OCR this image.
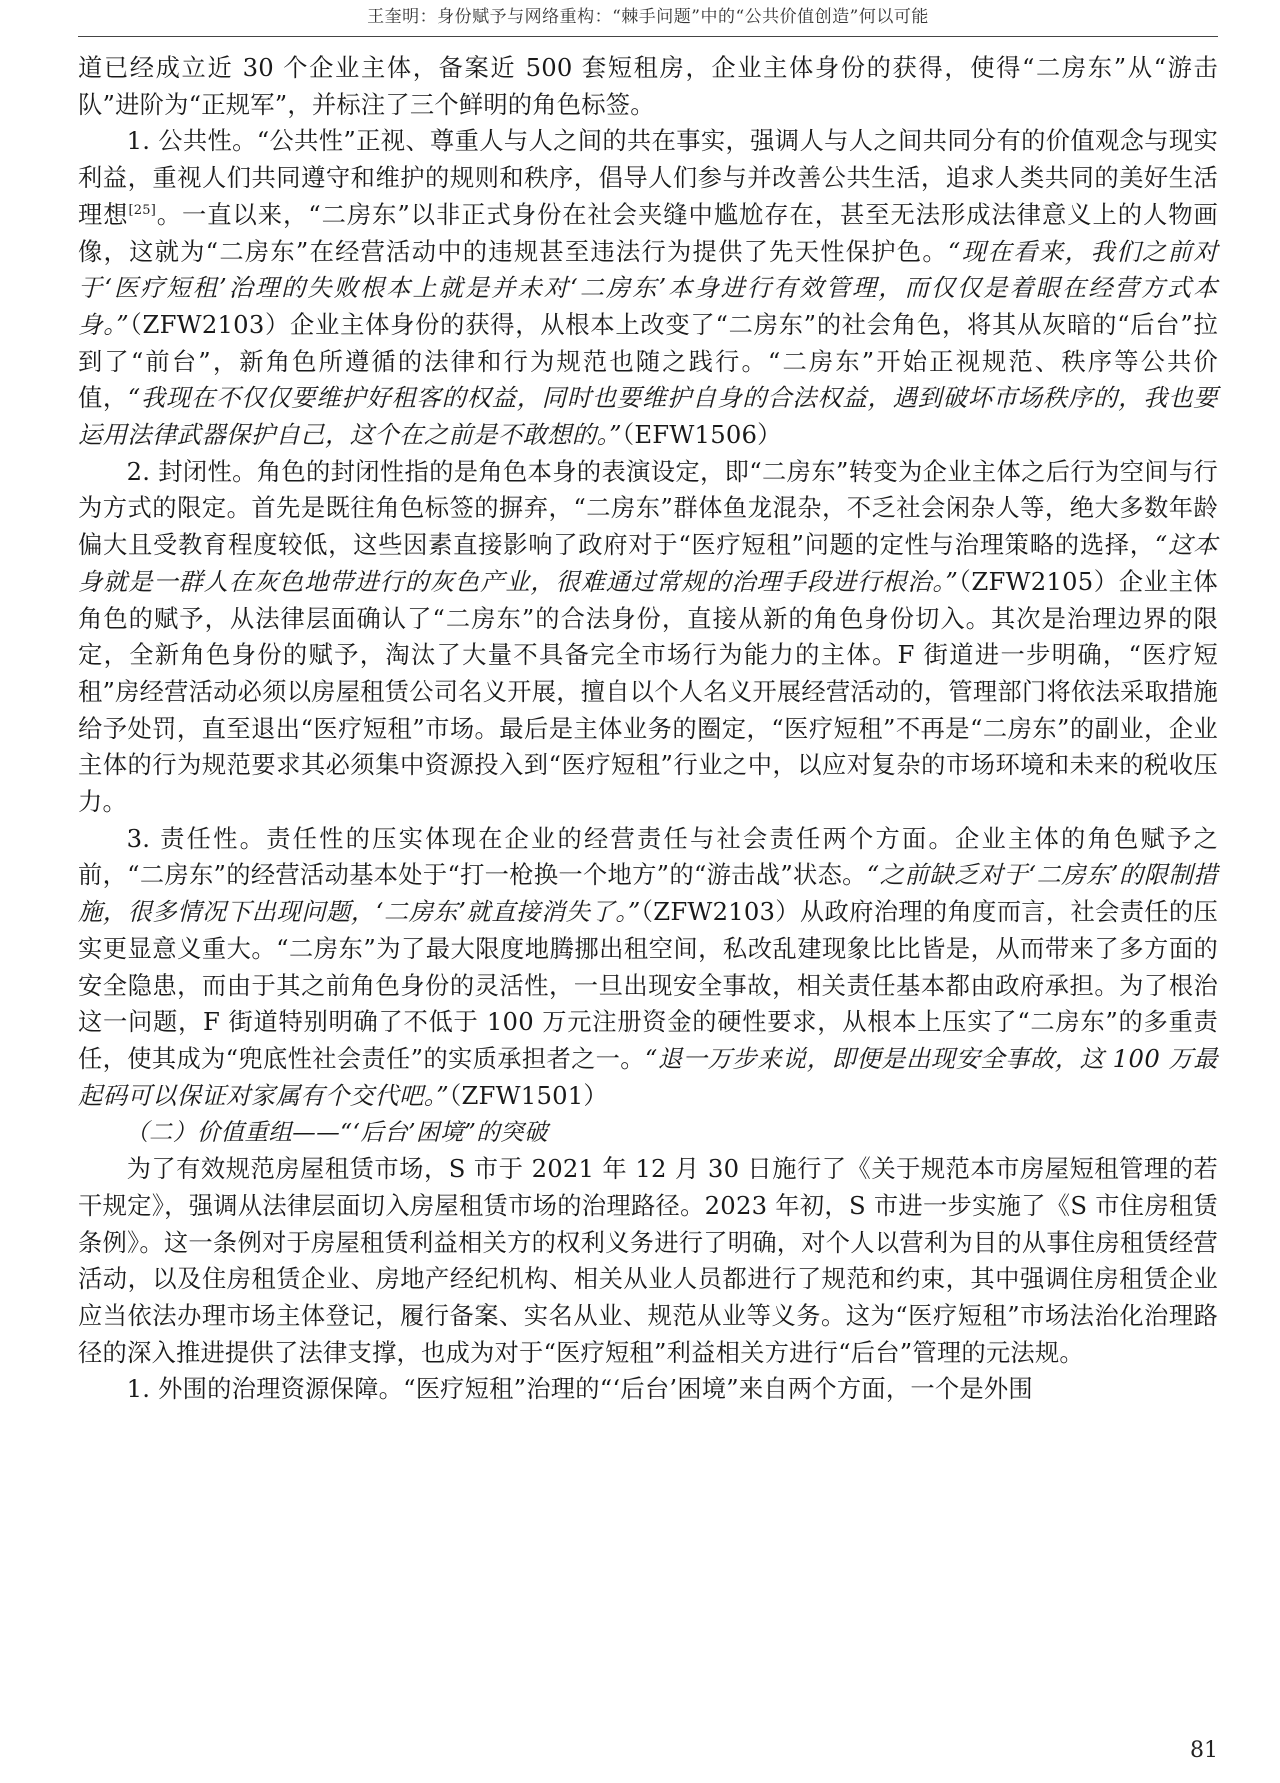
王奎明：身份赋予与网络重构：“棘手问题”中的“公共价值创造”何以可能

道已经成立近 30 个企业主体，备案近 500 套短租房，企业主体身份的获得，使得“二房东”从“游击队”进阶为“正规军”，并标注了三个鲜明的角色标签。

1. 公共性。“公共性”正视、尊重人与人之间的共在事实，强调人与人之间共同分有的价值观念与现实利益，重视人们共同遵守和维护的规则和秩序，倡导人们参与并改善公共生活，追求人类共同的美好生活理想[25]。一直以来，“二房东”以非正式身份在社会夹缝中尴尬存在，甚至无法形成法律意义上的人物画像，这就为“二房东”在经营活动中的违规甚至违法行为提供了先天性保护色。“现在看来，我们之前对于‘医疗短租’治理的失败根本上就是并未对‘二房东’本身进行有效管理，而仅仅是着眼在经营方式本身。”（ZFW2103）企业主体身份的获得，从根本上改变了“二房东”的社会角色，将其从灰暗的“后台”拉到了“前台”，新角色所遵循的法律和行为规范也随之践行。“二房东”开始正视规范、秩序等公共价值，“我现在不仅仅要维护好租客的权益，同时也要维护自身的合法权益，遇到破坏市场秩序的，我也要运用法律武器保护自己，这个在之前是不敢想的。”（EFW1506）

2. 封闭性。角色的封闭性指的是角色本身的表演设定，即“二房东”转变为企业主体之后行为空间与行为方式的限定。首先是既往角色标签的摒弃，“二房东”群体鱼龙混杂，不乏社会闲杂人等，绝大多数年龄偏大且受教育程度较低，这些因素直接影响了政府对于“医疗短租”问题的定性与治理策略的选择，“这本身就是一群人在灰色地带进行的灰色产业，很难通过常规的治理手段进行根治。”（ZFW2105）企业主体角色的赋予，从法律层面确认了“二房东”的合法身份，直接从新的角色身份切入。其次是治理边界的限定，全新角色身份的赋予，淘汰了大量不具备完全市场行为能力的主体。F 街道进一步明确，“医疗短租”房经营活动必须以房屋租赁公司名义开展，擅自以个人名义开展经营活动的，管理部门将依法采取措施给予处罚，直至退出“医疗短租”市场。最后是主体业务的圈定，“医疗短租”不再是“二房东”的副业，企业主体的行为规范要求其必须集中资源投入到“医疗短租”行业之中，以应对复杂的市场环境和未来的税收压力。

3. 责任性。责任性的压实体现在企业的经营责任与社会责任两个方面。企业主体的角色赋予之前，“二房东”的经营活动基本处于“打一枪换一个地方”的“游击战”状态。“之前缺乏对于‘二房东’的限制措施，很多情况下出现问题，‘二房东’就直接消失了。”（ZFW2103）从政府治理的角度而言，社会责任的压实更显意义重大。“二房东”为了最大限度地腾挪出租空间，私改乱建现象比比皆是，从而带来了多方面的安全隐患，而由于其之前角色身份的灵活性，一旦出现安全事故，相关责任基本都由政府承担。为了根治这一问题，F 街道特别明确了不低于 100 万元注册资金的硬性要求，从根本上压实了“二房东”的多重责任，使其成为“兜底性社会责任”的实质承担者之一。“退一万步来说，即便是出现安全事故，这 100 万最起码可以保证对家属有个交代吧。”（ZFW1501）

（二）价值重组——“‘后台’困境”的突破

为了有效规范房屋租赁市场，S 市于 2021 年 12 月 30 日施行了《关于规范本市房屋短租管理的若干规定》，强调从法律层面切入房屋租赁市场的治理路径。2023 年初，S 市进一步实施了《S 市住房租赁条例》。这一条例对于房屋租赁利益相关方的权利义务进行了明确，对个人以营利为目的从事住房租赁经营活动，以及住房租赁企业、房地产经纪机构、相关从业人员都进行了规范和约束，其中强调住房租赁企业应当依法办理市场主体登记，履行备案、实名从业、规范从业等义务。这为“医疗短租”市场法治化治理路径的深入推进提供了法律支撑，也成为对于“医疗短租”利益相关方进行“后台”管理的元法规。

1. 外围的治理资源保障。“医疗短租”治理的“‘后台’困境”来自两个方面，一个是外围

81
